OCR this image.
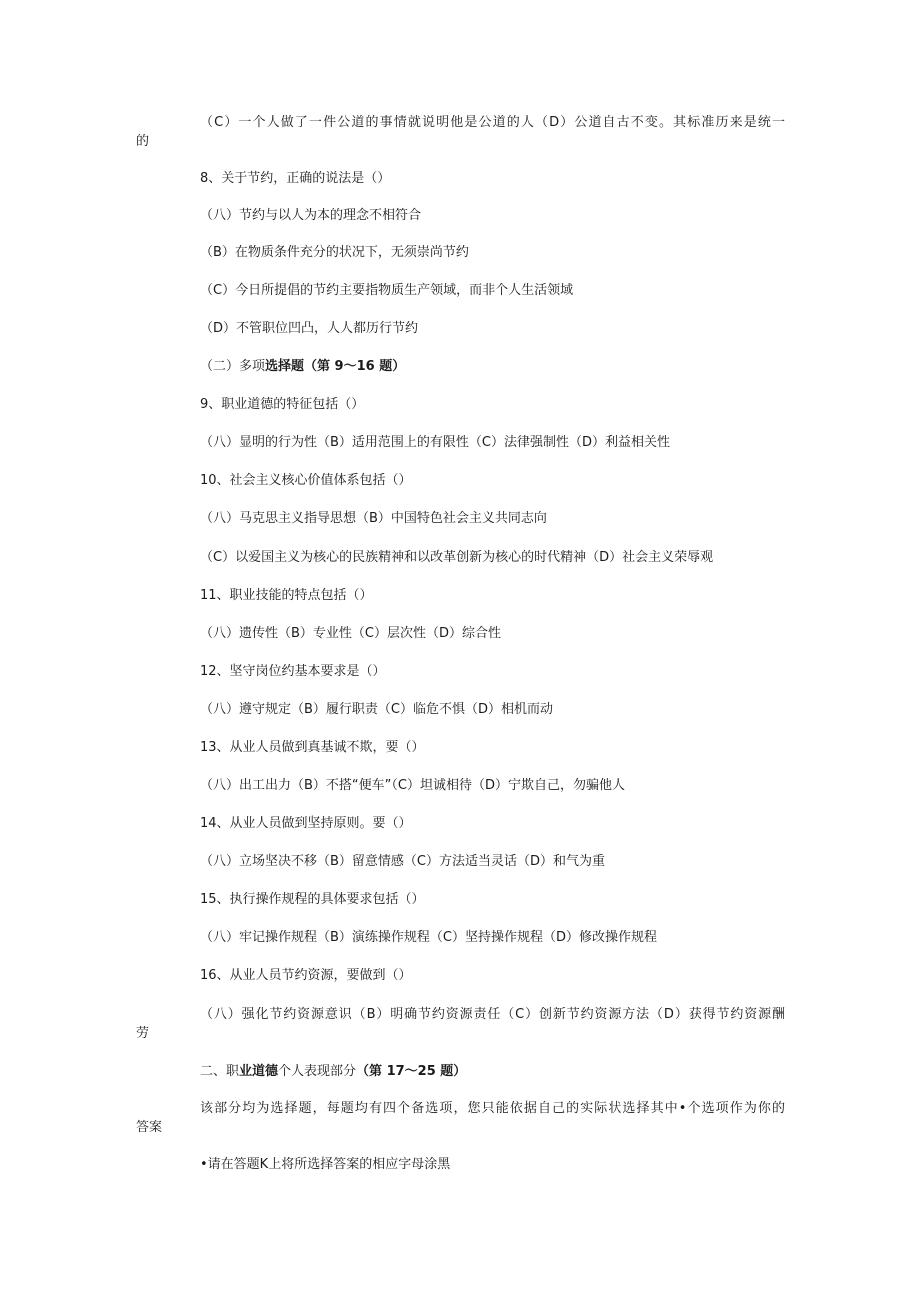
（C）一个人做了一件公道的事情就说明他是公道的人（D）公道自古不变。其标准历来是统一
的
8、关于节约，正确的说法是（）
（八）节约与以人为本的理念不相符合
（B）在物质条件充分的状况下，无须崇尚节约
（C）今日所提倡的节约主要指物质生产领域，而非个人生活领域
（D）不管职位凹凸，人人都历行节约
（二）多项选择题（第 9～16 题）
9、职业道德的特征包括（）
（八）显明的行为性（B）适用范围上的有限性（C）法律强制性（D）利益相关性
10、社会主义核心价值体系包括（）
（八）马克思主义指导思想（B）中国特色社会主义共同志向
（C）以爱国主义为核心的民族精神和以改革创新为核心的时代精神（D）社会主义荣辱观
11、职业技能的特点包括（）
（八）遗传性（B）专业性（C）层次性（D）综合性
12、坚守岗位约基本要求是（）
（八）遵守规定（B）履行职责（C）临危不惧（D）相机而动
13、从业人员做到真基诚不欺，要（）
（八）出工出力（B）不搭“便车”（C）坦诚相待（D）宁欺自己，勿骗他人
14、从业人员做到坚持原则。要（）
（八）立场坚决不移（B）留意情感（C）方法适当灵话（D）和气为重
15、执行操作规程的具体要求包括（）
（八）牢记操作规程（B）演练操作规程（C）坚持操作规程（D）修改操作规程
16、从业人员节约资源，要做到（）
（八）强化节约资源意识（B）明确节约资源责任（C）创新节约资源方法（D）获得节约资源酬
劳
二、职业道德个人表现部分（第 17～25 题）
该部分均为选择题，每题均有四个备选项，您只能依据自己的实际状选择其中•个选项作为你的
答案
•请在答题K上将所选择答案的相应字母涂黑
